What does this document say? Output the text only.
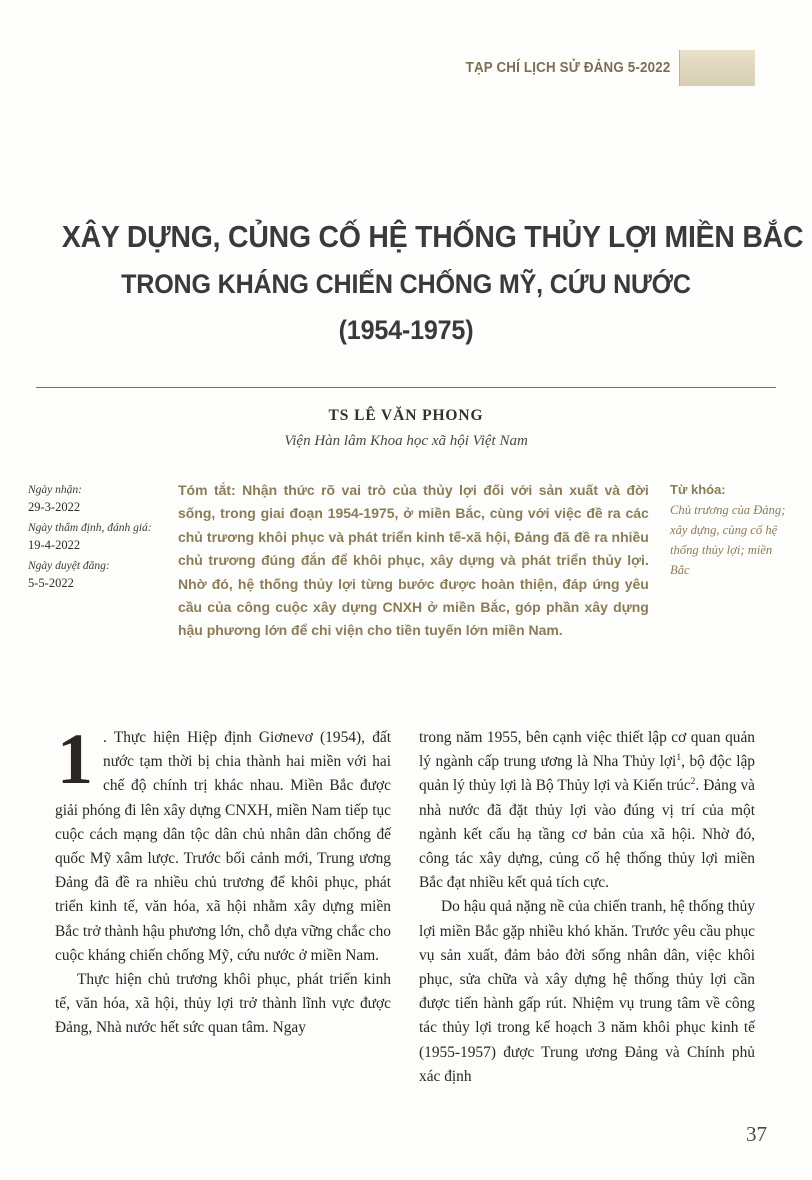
TẠP CHÍ LỊCH SỬ ĐẢNG 5-2022
XÂY DỰNG, CỦNG CỐ HỆ THỐNG THỦY LỢI MIỀN BẮC
TRONG KHÁNG CHIẾN CHỐNG MỸ, CỨU NƯỚC
(1954-1975)
TS LÊ VĂN PHONG
Viện Hàn lâm Khoa học xã hội Việt Nam
Ngày nhận:
29-3-2022
Ngày thẩm định, đánh giá:
19-4-2022
Ngày duyệt đăng:
5-5-2022
Tóm tắt: Nhận thức rõ vai trò của thủy lợi đối với sản xuất và đời sống, trong giai đoạn 1954-1975, ở miền Bắc, cùng với việc đề ra các chủ trương khôi phục và phát triển kinh tế-xã hội, Đảng đã đề ra nhiều chủ trương đúng đắn để khôi phục, xây dựng và phát triển thủy lợi. Nhờ đó, hệ thống thủy lợi từng bước được hoàn thiện, đáp ứng yêu cầu của công cuộc xây dựng CNXH ở miền Bắc, góp phần xây dựng hậu phương lớn để chi viện cho tiền tuyến lớn miền Nam.
Từ khóa:
Chủ trương của Đảng; xây dựng, củng cố hệ thống thủy lợi; miền Bắc

1 . Thực hiện Hiệp định Giơnevơ (1954), đất nước tạm thời bị chia thành hai miền với hai chế độ chính trị khác nhau. Miền Bắc được giải phóng đi lên xây dựng CNXH, miền Nam tiếp tục cuộc cách mạng dân tộc dân chủ nhân dân chống đế quốc Mỹ xâm lược. Trước bối cảnh mới, Trung ương Đảng đã đề ra nhiều chủ trương để khôi phục, phát triển kinh tế, văn hóa, xã hội nhằm xây dựng miền Bắc trở thành hậu phương lớn, chỗ dựa vững chắc cho cuộc kháng chiến chống Mỹ, cứu nước ở miền Nam.

Thực hiện chủ trương khôi phục, phát triển kinh tế, văn hóa, xã hội, thủy lợi trở thành lĩnh vực được Đảng, Nhà nước hết sức quan tâm. Ngay

trong năm 1955, bên cạnh việc thiết lập cơ quan quản lý ngành cấp trung ương là Nha Thủy lợi$^1$, bộ độc lập quản lý thủy lợi là Bộ Thủy lợi và Kiến trúc$^2$. Đảng và nhà nước đã đặt thủy lợi vào đúng vị trí của một ngành kết cấu hạ tầng cơ bản của xã hội. Nhờ đó, công tác xây dựng, củng cố hệ thống thủy lợi miền Bắc đạt nhiều kết quả tích cực.

Do hậu quả nặng nề của chiến tranh, hệ thống thủy lợi miền Bắc gặp nhiều khó khăn. Trước yêu cầu phục vụ sản xuất, đảm bảo đời sống nhân dân, việc khôi phục, sửa chữa và xây dựng hệ thống thủy lợi cần được tiến hành gấp rút. Nhiệm vụ trung tâm về công tác thủy lợi trong kế hoạch 3 năm khôi phục kinh tế (1955-1957) được Trung ương Đảng và Chính phủ xác định

37
